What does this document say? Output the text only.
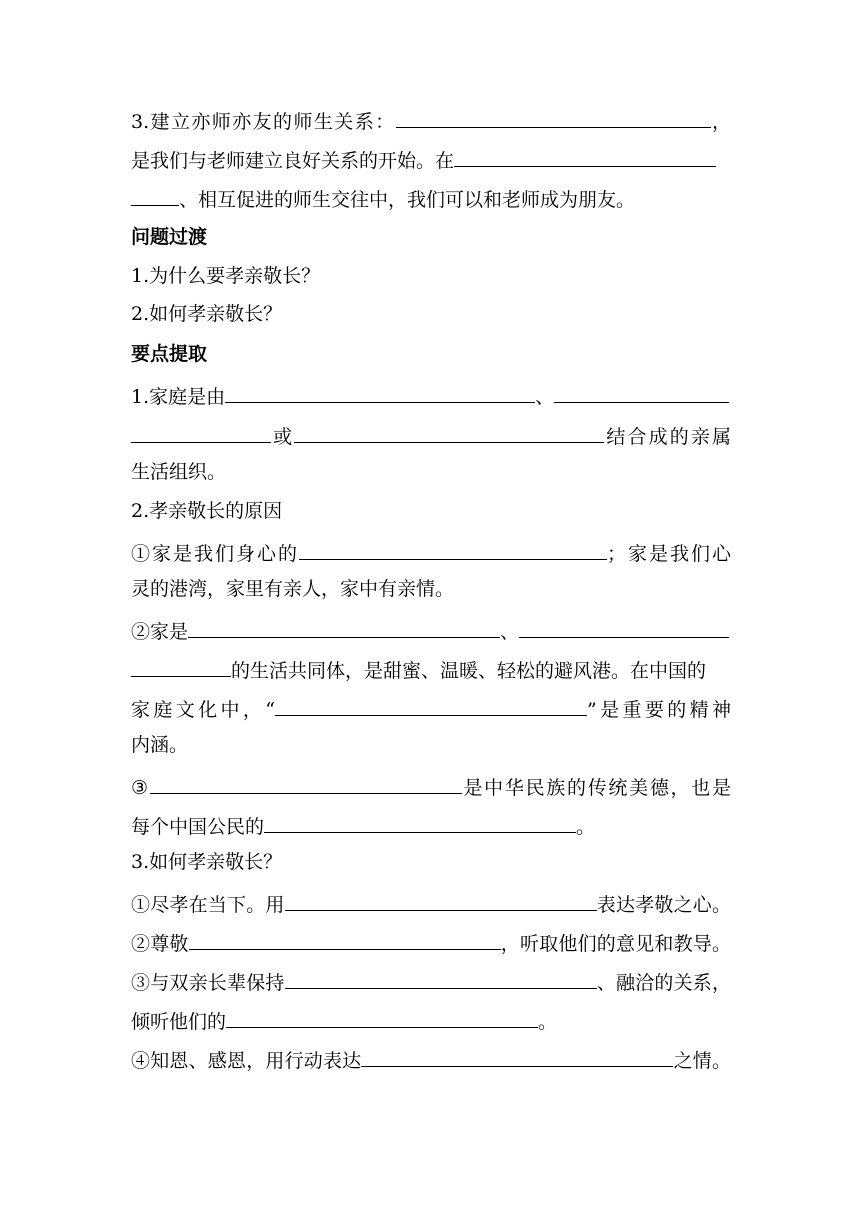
3.建立亦师亦友的师生关系：	，
是我们与老师建立良好关系的开始。在
、相互促进的师生交往中，我们可以和老师成为朋友。
问题过渡
1.为什么要孝亲敬长？
2.如何孝亲敬长？
要点提取
1.家庭是由	、
或	结合成的亲属
生活组织。
2.孝亲敬长的原因
①家是我们身心的	；家是我们心
灵的港湾，家里有亲人，家中有亲情。
②家是	、
的生活共同体，是甜蜜、温暖、轻松的避风港。在中国的
家庭文化中，“	”是重要的精神
内涵。
③	是中华民族的传统美德，也是
每个中国公民的	。
3.如何孝亲敬长？
①尽孝在当下。用	表达孝敬之心。
②尊敬	，听取他们的意见和教导。
③与双亲长辈保持	、融洽的关系，
倾听他们的	。
④知恩、感恩，用行动表达	之情。
